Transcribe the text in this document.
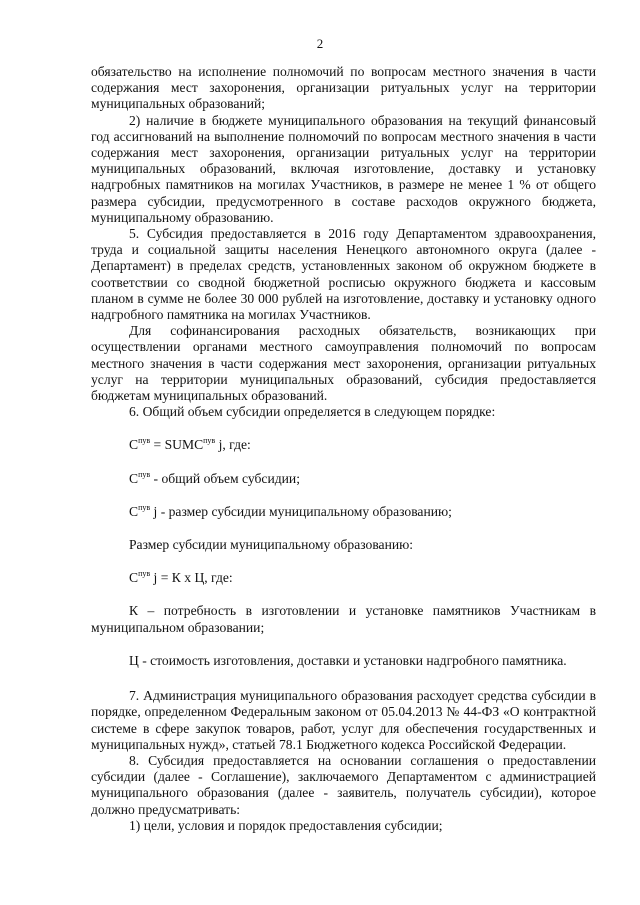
2

обязательство на исполнение полномочий по вопросам местного значения в части содержания мест захоронения, организации ритуальных услуг на территории муниципальных образований;

2) наличие в бюджете муниципального образования на текущий финансовый год ассигнований на выполнение полномочий по вопросам местного значения в части содержания мест захоронения, организации ритуальных услуг на территории муниципальных образований, включая изготовление, доставку и установку надгробных памятников на могилах Участников, в размере не менее 1 % от общего размера субсидии, предусмотренного в составе расходов окружного бюджета, муниципальному образованию.

5. Субсидия предоставляется в 2016 году Департаментом здравоохранения, труда и социальной защиты населения Ненецкого автономного округа (далее - Департамент) в пределах средств, установленных законом об окружном бюджете в соответствии со сводной бюджетной росписью окружного бюджета и кассовым планом в сумме не более 30 000 рублей на изготовление, доставку и установку одного надгробного памятника на могилах Участников.

Для софинансирования расходных обязательств, возникающих при осуществлении органами местного самоуправления полномочий по вопросам местного значения в части содержания мест захоронения, организации ритуальных услуг на территории муниципальных образований, субсидия предоставляется бюджетам муниципальных образований.

6. Общий объем субсидии определяется в следующем порядке:

$С^{пув}$ = $SUMС^{пув}$ j, где:

$С^{пув}$ - общий объем субсидии;

$С^{пув}$ j - размер субсидии муниципальному образованию;

Размер субсидии муниципальному образованию:

$С^{пув}$ j = К х Ц, где:

К – потребность в изготовлении и установке памятников Участникам в муниципальном образовании;

Ц - стоимость изготовления, доставки и установки надгробного памятника.

7. Администрация муниципального образования расходует средства субсидии в порядке, определенном Федеральным законом от 05.04.2013 № 44-ФЗ «О контрактной системе в сфере закупок товаров, работ, услуг для обеспечения государственных и муниципальных нужд», статьей 78.1 Бюджетного кодекса Российской Федерации.

8. Субсидия предоставляется на основании соглашения о предоставлении субсидии (далее - Соглашение), заключаемого Департаментом с администрацией муниципального образования (далее - заявитель, получатель субсидии), которое должно предусматривать:

1) цели, условия и порядок предоставления субсидии;
